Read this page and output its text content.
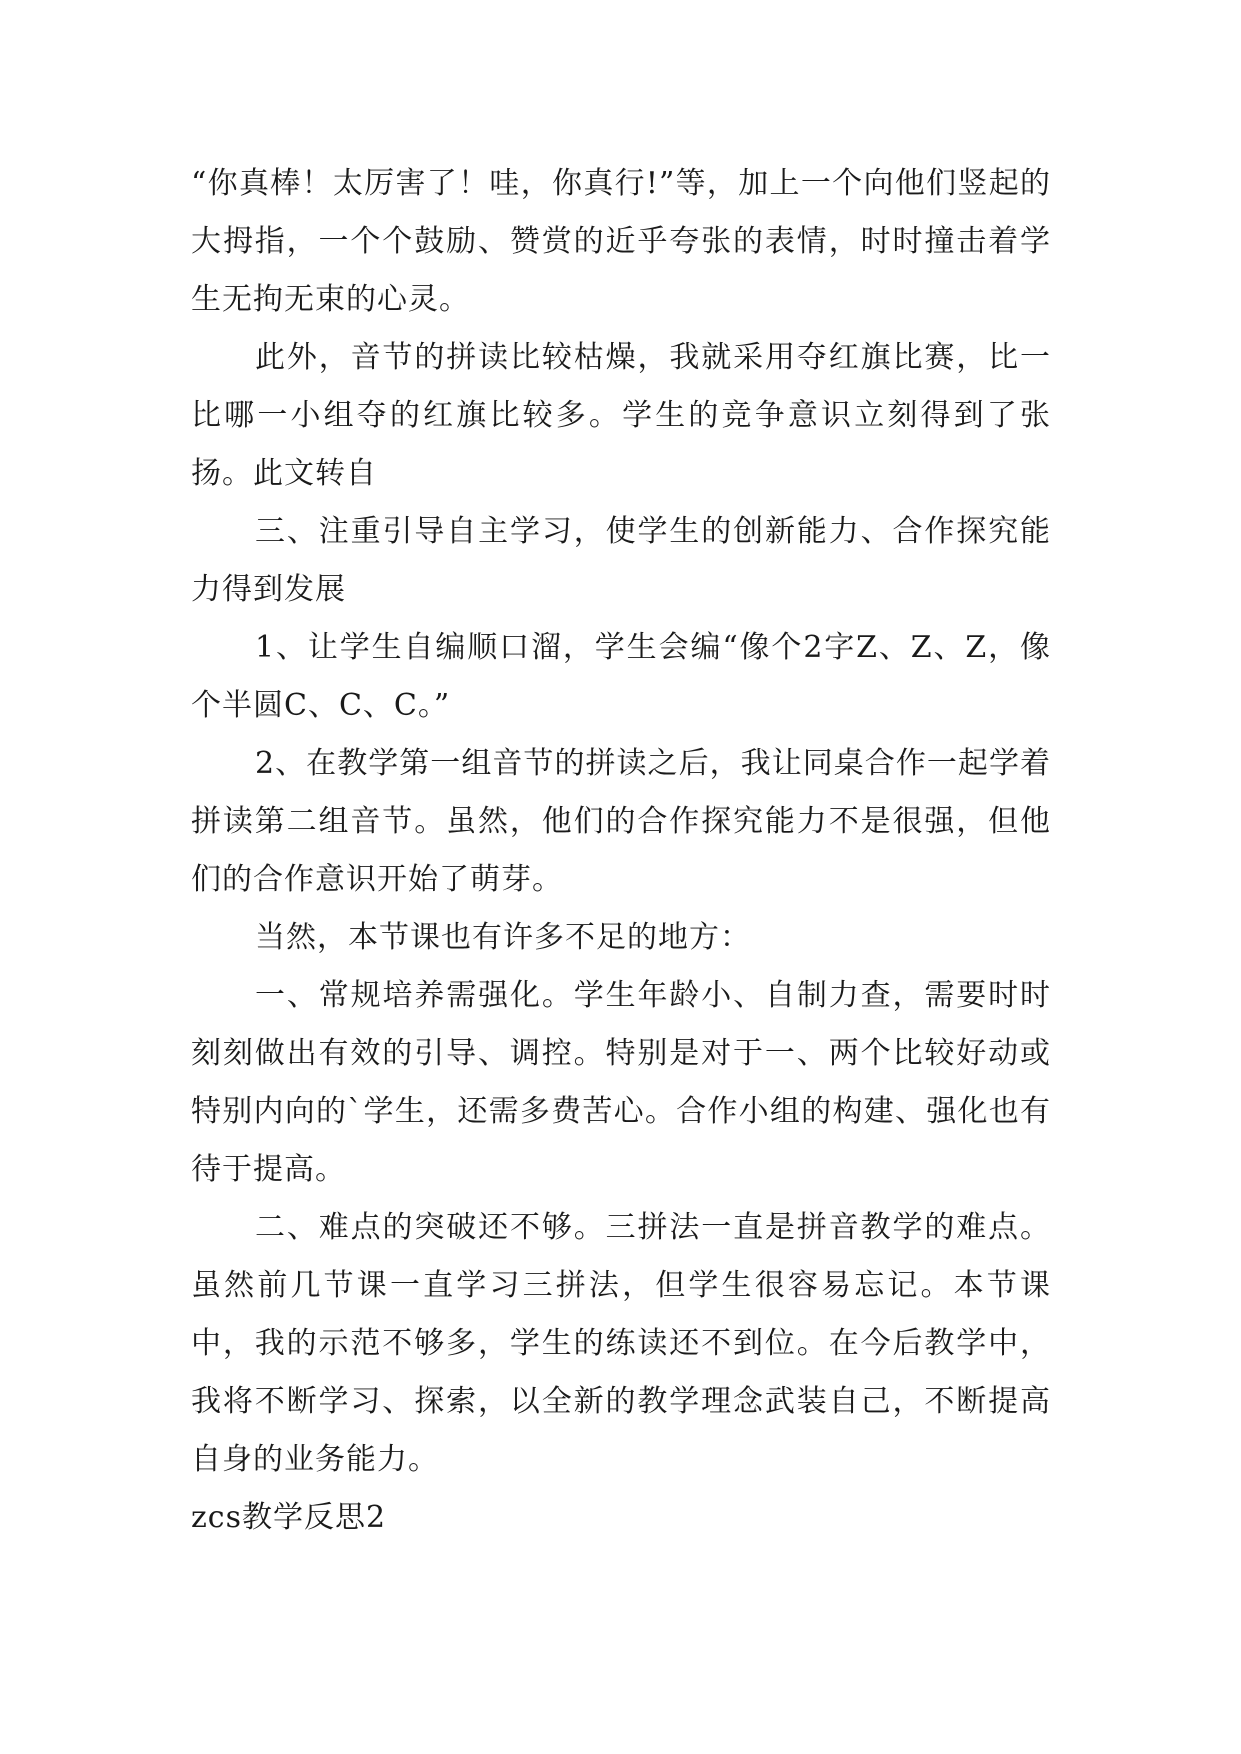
“你真棒！太厉害了！哇，你真行!”等，加上一个向他们竖起的大拇指，一个个鼓励、赞赏的近乎夸张的表情，时时撞击着学生无拘无束的心灵。

此外，音节的拼读比较枯燥，我就采用夺红旗比赛，比一比哪一小组夺的红旗比较多。学生的竞争意识立刻得到了张扬。此文转自

三、注重引导自主学习，使学生的创新能力、合作探究能力得到发展

1、让学生自编顺口溜，学生会编“像个2字Z、Z、Z，像个半圆C、C、C。”

2、在教学第一组音节的拼读之后，我让同桌合作一起学着拼读第二组音节。虽然，他们的合作探究能力不是很强，但他们的合作意识开始了萌芽。

当然，本节课也有许多不足的地方：

一、常规培养需强化。学生年龄小、自制力查，需要时时刻刻做出有效的引导、调控。特别是对于一、两个比较好动或特别内向的`学生，还需多费苦心。合作小组的构建、强化也有待于提高。

二、难点的突破还不够。三拼法一直是拼音教学的难点。虽然前几节课一直学习三拼法，但学生很容易忘记。本节课中，我的示范不够多，学生的练读还不到位。在今后教学中，我将不断学习、探索，以全新的教学理念武装自己，不断提高自身的业务能力。

zcs教学反思2
